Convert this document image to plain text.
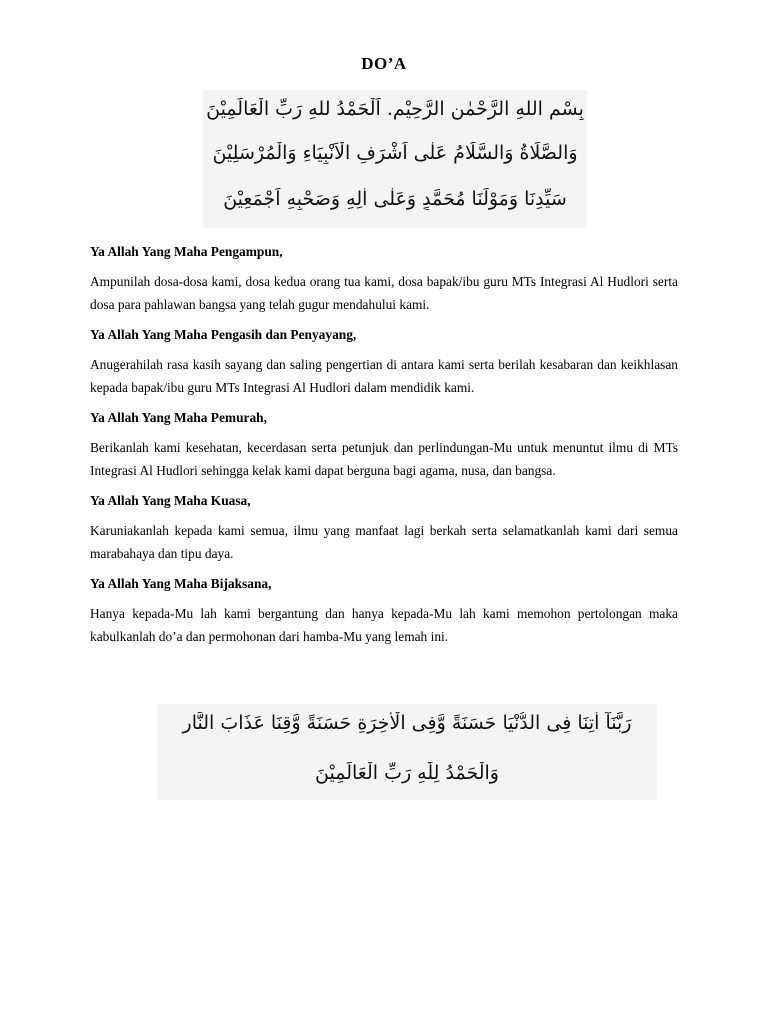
DO’A
بِسْمِ اللهِ الرَّحْمٰنِ الرَّحِيْمِ. اَلْحَمْدُ للهِ رَبِّ الْعَالَمِيْنَ
وَالصَّلَاةُ وَالسَّلَامُ عَلٰى اَشْرَفِ الْاَنْبِيَاءِ وَالْمُرْسَلِيْنَ
سَيِّدِنَا وَمَوْلَنَا مُحَمَّدٍ وَعَلٰى اٰلِهِ وَصَحْبِهِ اَجْمَعِيْنَ
Ya Allah Yang Maha Pengampun,
Ampunilah dosa-dosa kami, dosa kedua orang tua kami, dosa bapak/ibu guru MTs Integrasi Al Hudlori serta dosa para pahlawan bangsa yang telah gugur mendahului kami.
Ya Allah Yang Maha Pengasih dan Penyayang,
Anugerahilah rasa kasih sayang dan saling pengertian di antara kami serta berilah kesabaran dan keikhlasan kepada bapak/ibu guru MTs Integrasi Al Hudlori dalam mendidik kami.
Ya Allah Yang Maha Pemurah,
Berikanlah kami kesehatan, kecerdasan serta petunjuk dan perlindungan-Mu untuk menuntut ilmu di MTs Integrasi Al Hudlori sehingga kelak kami dapat berguna bagi agama, nusa, dan bangsa.
Ya Allah Yang Maha Kuasa,
Karuniakanlah kepada kami semua, ilmu yang manfaat lagi berkah serta selamatkanlah kami dari semua marabahaya dan tipu daya.
Ya Allah Yang Maha Bijaksana,
Hanya kepada-Mu lah kami bergantung dan hanya kepada-Mu lah kami memohon pertolongan maka kabulkanlah do’a dan permohonan dari hamba-Mu yang lemah ini.
رَبَّنَآ اٰتِنَا فِى الدُّنْيَا حَسَنَةً وَّفِى الْاٰخِرَةِ حَسَنَةً وَّقِنَا عَذَابَ النَّارِ
وَالْحَمْدُ لِلّٰهِ رَبِّ الْعَالَمِيْنَ
